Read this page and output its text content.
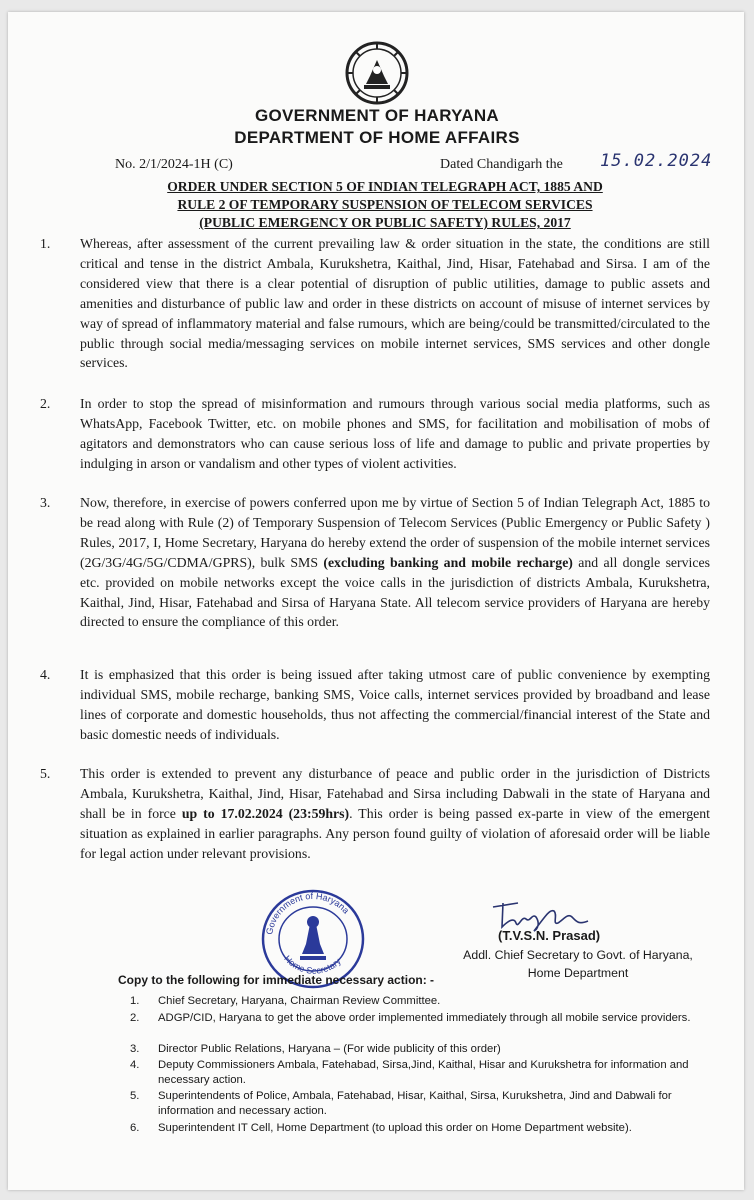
GOVERNMENT OF HARYANA
DEPARTMENT OF HOME AFFAIRS
No. 2/1/2024-1H (C)	Dated Chandigarh the 15.02.2024
ORDER UNDER SECTION 5 OF INDIAN TELEGRAPH ACT, 1885 AND
RULE 2 OF TEMPORARY SUSPENSION OF TELECOM SERVICES
(PUBLIC EMERGENCY OR PUBLIC SAFETY) RULES, 2017
1. Whereas, after assessment of the current prevailing law & order situation in the state, the conditions are still critical and tense in the district Ambala, Kurukshetra, Kaithal, Jind, Hisar, Fatehabad and Sirsa. I am of the considered view that there is a clear potential of disruption of public utilities, damage to public assets and amenities and disturbance of public law and order in these districts on account of misuse of internet services by way of spread of inflammatory material and false rumours, which are being/could be transmitted/circulated to the public through social media/messaging services on mobile internet services, SMS services and other dongle services.
2. In order to stop the spread of misinformation and rumours through various social media platforms, such as WhatsApp, Facebook Twitter, etc. on mobile phones and SMS, for facilitation and mobilisation of mobs of agitators and demonstrators who can cause serious loss of life and damage to public and private properties by indulging in arson or vandalism and other types of violent activities.
3. Now, therefore, in exercise of powers conferred upon me by virtue of Section 5 of Indian Telegraph Act, 1885 to be read along with Rule (2) of Temporary Suspension of Telecom Services (Public Emergency or Public Safety ) Rules, 2017, I, Home Secretary, Haryana do hereby extend the order of suspension of the mobile internet services (2G/3G/4G/5G/CDMA/GPRS), bulk SMS (excluding banking and mobile recharge) and all dongle services etc. provided on mobile networks except the voice calls in the jurisdiction of districts Ambala, Kurukshetra, Kaithal, Jind, Hisar, Fatehabad and Sirsa of Haryana State. All telecom service providers of Haryana are hereby directed to ensure the compliance of this order.
4. It is emphasized that this order is being issued after taking utmost care of public convenience by exempting individual SMS, mobile recharge, banking SMS, Voice calls, internet services provided by broadband and lease lines of corporate and domestic households, thus not affecting the commercial/financial interest of the State and basic domestic needs of individuals.
5. This order is extended to prevent any disturbance of peace and public order in the jurisdiction of Districts Ambala, Kurukshetra, Kaithal, Jind, Hisar, Fatehabad and Sirsa including Dabwali in the state of Haryana and shall be in force up to 17.02.2024 (23:59hrs). This order is being passed ex-parte in view of the emergent situation as explained in earlier paragraphs. Any person found guilty of violation of aforesaid order will be liable for legal action under relevant provisions.
(T.V.S.N. Prasad)
Addl. Chief Secretary to Govt. of Haryana,
Home Department
Government of Haryana
Home Secretary
Copy to the following for immediate necessary action: -
1. Chief Secretary, Haryana, Chairman Review Committee.
2. ADGP/CID, Haryana to get the above order implemented immediately through all mobile service providers.
3. Director Public Relations, Haryana – (For wide publicity of this order)
4. Deputy Commissioners Ambala, Fatehabad, Sirsa,Jind, Kaithal, Hisar and Kurukshetra for information and necessary action.
5. Superintendents of Police, Ambala, Fatehabad, Hisar, Kaithal, Sirsa, Kurukshetra, Jind and Dabwali for information and necessary action.
6. Superintendent IT Cell, Home Department (to upload this order on Home Department website).
